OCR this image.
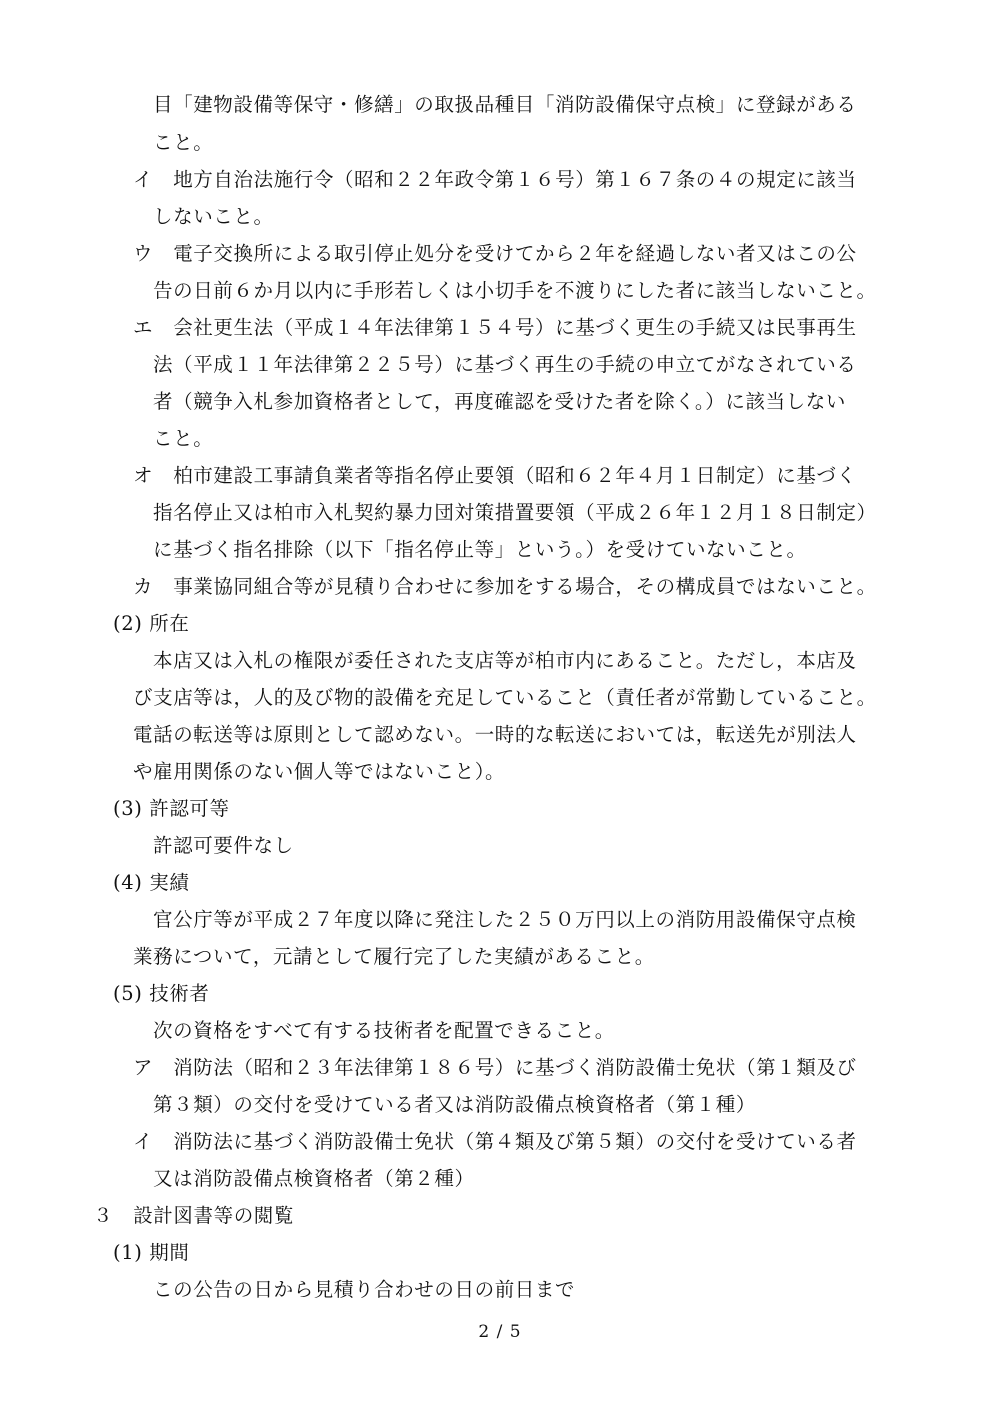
目「建物設備等保守・修繕」の取扱品種目「消防設備保守点検」に登録がある
こと。
イ　地方自治法施行令（昭和２２年政令第１６号）第１６７条の４の規定に該当
しないこと。
ウ　電子交換所による取引停止処分を受けてから２年を経過しない者又はこの公
告の日前６か月以内に手形若しくは小切手を不渡りにした者に該当しないこと。
エ　会社更生法（平成１４年法律第１５４号）に基づく更生の手続又は民事再生
法（平成１１年法律第２２５号）に基づく再生の手続の申立てがなされている
者（競争入札参加資格者として，再度確認を受けた者を除く。）に該当しない
こと。
オ　柏市建設工事請負業者等指名停止要領（昭和６２年４月１日制定）に基づく
指名停止又は柏市入札契約暴力団対策措置要領（平成２６年１２月１８日制定）
に基づく指名排除（以下「指名停止等」という。）を受けていないこと。
カ　事業協同組合等が見積り合わせに参加をする場合，その構成員ではないこと。
(2) 所在
本店又は入札の権限が委任された支店等が柏市内にあること。ただし，本店及
び支店等は，人的及び物的設備を充足していること（責任者が常勤していること。
電話の転送等は原則として認めない。一時的な転送においては，転送先が別法人
や雇用関係のない個人等ではないこと）。
(3) 許認可等
許認可要件なし
(4) 実績
官公庁等が平成２７年度以降に発注した２５０万円以上の消防用設備保守点検
業務について，元請として履行完了した実績があること。
(5) 技術者
次の資格をすべて有する技術者を配置できること。
ア　消防法（昭和２３年法律第１８６号）に基づく消防設備士免状（第１類及び
第３類）の交付を受けている者又は消防設備点検資格者（第１種）
イ　消防法に基づく消防設備士免状（第４類及び第５類）の交付を受けている者
又は消防設備点検資格者（第２種）
３　設計図書等の閲覧
(1) 期間
この公告の日から見積り合わせの日の前日まで
2 / 5
